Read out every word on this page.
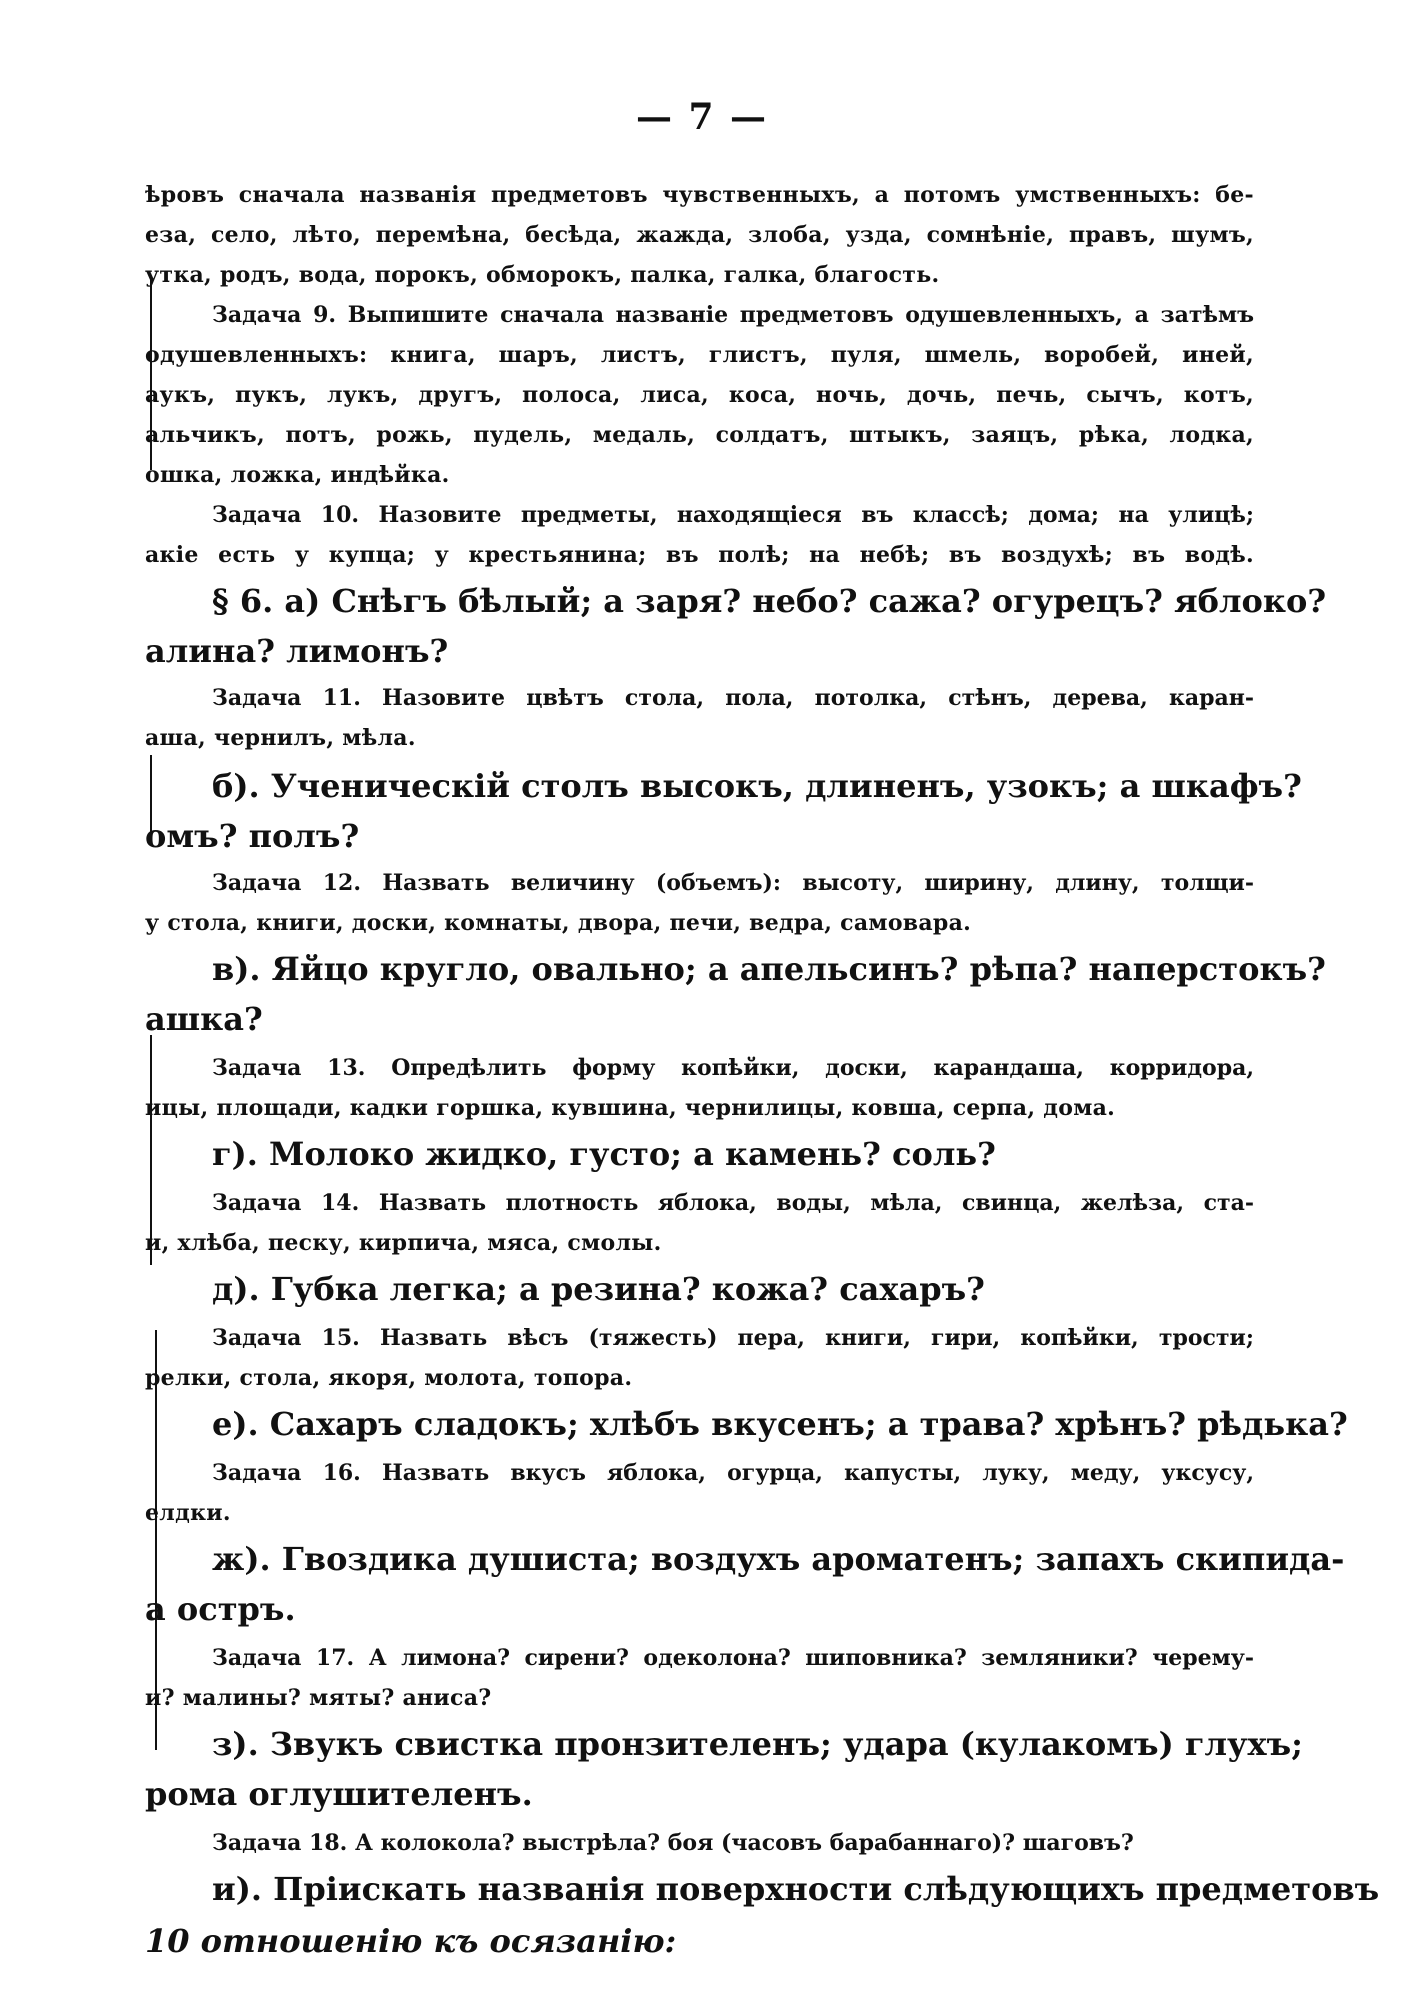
— 7 —
ѣровъ сначала названія предметовъ чувственныхъ, а потомъ умственныхъ: бе-
еза, село, лѣто, перемѣна, бесѣда, жажда, злоба, узда, сомнѣніе, правъ, шумъ,
утка, родъ, вода, порокъ, обморокъ, палка, галка, благость.
Задача 9. Выпишите сначала названіе предметовъ одушевленныхъ, а затѣмъ
одушевленныхъ: книга, шаръ, листъ, глистъ, пуля, шмель, воробей, иней,
аукъ, пукъ, лукъ, другъ, полоса, лиса, коса, ночь, дочь, печь, сычъ, котъ,
альчикъ, потъ, рожь, пудель, медаль, солдатъ, штыкъ, заяцъ, рѣка, лодка,
ошка, ложка, индѣйка.
Задача 10. Назовите предметы, находящіеся въ классѣ; дома; на улицѣ;
акіе есть у купца; у крестьянина; въ полѣ; на небѣ; въ воздухѣ; въ водѣ.
§ 6. а) Снѣгъ бѣлый; а заря? небо? сажа? огурецъ? яблоко?
алина? лимонъ?
Задача 11. Назовите цвѣтъ стола, пола, потолка, стѣнъ, дерева, каран-
аша, чернилъ, мѣла.
б). Ученическій столъ высокъ, длиненъ, узокъ; а шкафъ?
омъ? полъ?
Задача 12. Назвать величину (объемъ): высоту, ширину, длину, толщи-
у стола, книги, доски, комнаты, двора, печи, ведра, самовара.
в). Яйцо кругло, овально; а апельсинъ? рѣпа? наперстокъ?
ашка?
Задача 13. Опредѣлить форму копѣйки, доски, карандаша, корридора,
ицы, площади, кадки горшка, кувшина, чернилицы, ковша, серпа, дома.
г). Молоко жидко, густо; а камень? соль?
Задача 14. Назвать плотность яблока, воды, мѣла, свинца, желѣза, ста-
и, хлѣба, песку, кирпича, мяса, смолы.
д). Губка легка; а резина? кожа? сахаръ?
Задача 15. Назвать вѣсъ (тяжесть) пера, книги, гири, копѣйки, трости;
релки, стола, якоря, молота, топора.
е). Сахаръ сладокъ; хлѣбъ вкусенъ; а трава? хрѣнъ? рѣдька?
Задача 16. Назвать вкусъ яблока, огурца, капусты, луку, меду, уксусу,
елдки.
ж). Гвоздика душиста; воздухъ ароматенъ; запахъ скипида-
а остръ.
Задача 17. А лимона? сирени? одеколона? шиповника? земляники? черему-
и? малины? мяты? аниса?
з). Звукъ свистка пронзителенъ; удара (кулакомъ) глухъ;
рома оглушителенъ.
Задача 18. А колокола? выстрѣла? боя (часовъ барабаннаго)? шаговъ?
и). Пріискать названія поверхности слѣдующихъ предметовъ
10 отношенію къ осязанію:
